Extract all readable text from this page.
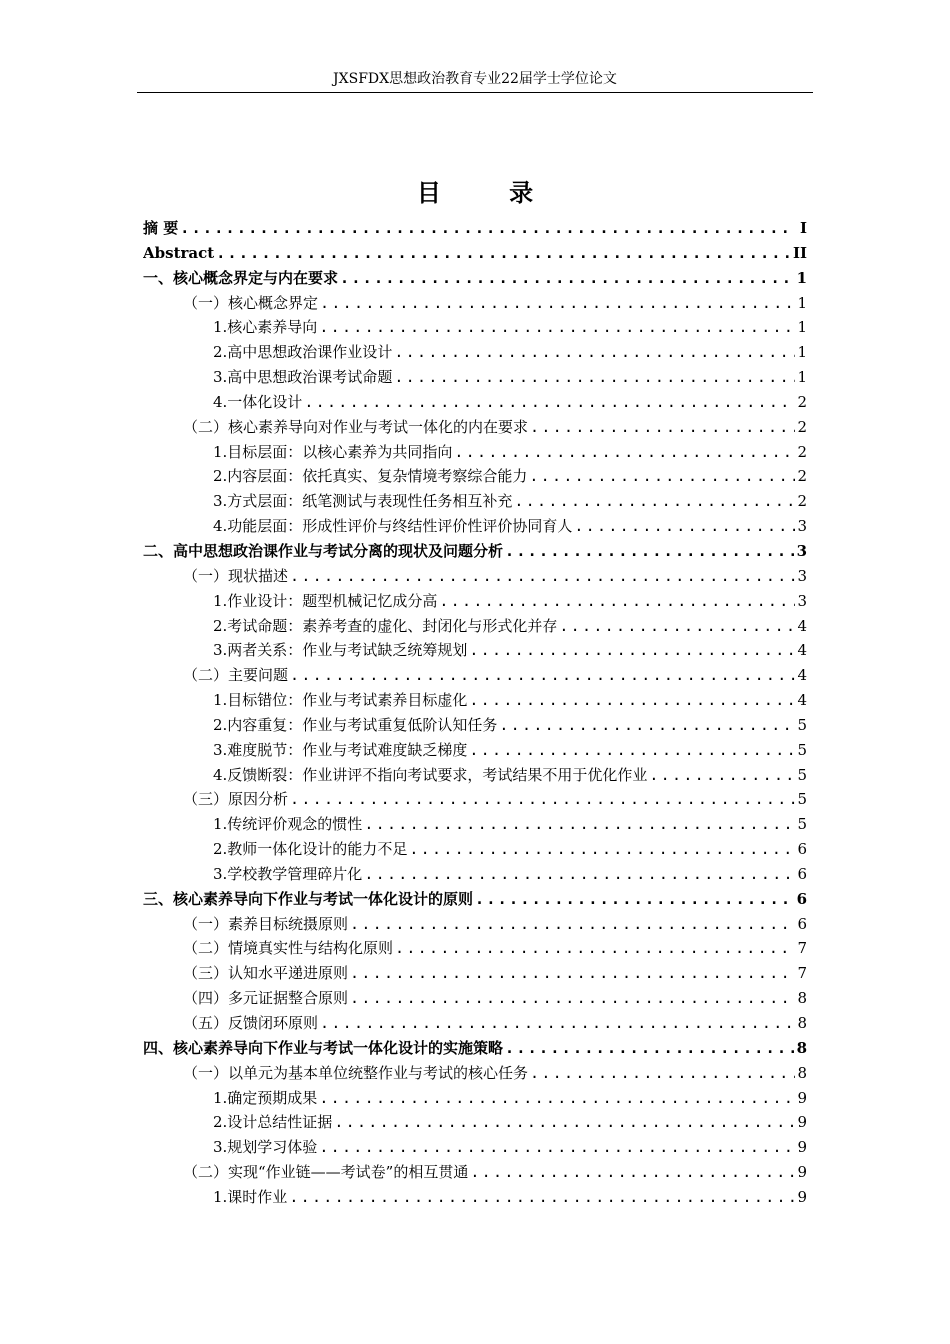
JXSFDX思想政治教育专业22届学士学位论文
目 录
摘 要 .....	I
Abstract .....	II
一、核心概念界定与内在要求 .....	1
（一）核心概念界定 .....	1
1.核心素养导向 .....	1
2.高中思想政治课作业设计 .....	1
3.高中思想政治课考试命题 .....	1
4.一体化设计 .....	2
（二）核心素养导向对作业与考试一体化的内在要求 .....	2
1.目标层面：以核心素养为共同指向 .....	2
2.内容层面：依托真实、复杂情境考察综合能力 .....	2
3.方式层面：纸笔测试与表现性任务相互补充 .....	2
4.功能层面：形成性评价与终结性评价性评价协同育人 .....	3
二、高中思想政治课作业与考试分离的现状及问题分析 .....	3
（一）现状描述 .....	3
1.作业设计：题型机械记忆成分高 .....	3
2.考试命题：素养考查的虚化、封闭化与形式化并存 .....	4
3.两者关系：作业与考试缺乏统筹规划 .....	4
（二）主要问题 .....	4
1.目标错位：作业与考试素养目标虚化 .....	4
2.内容重复：作业与考试重复低阶认知任务 .....	5
3.难度脱节：作业与考试难度缺乏梯度 .....	5
4.反馈断裂：作业讲评不指向考试要求，考试结果不用于优化作业 .....	5
（三）原因分析 .....	5
1.传统评价观念的惯性 .....	5
2.教师一体化设计的能力不足 .....	6
3.学校教学管理碎片化 .....	6
三、核心素养导向下作业与考试一体化设计的原则 .....	6
（一）素养目标统摄原则 .....	6
（二）情境真实性与结构化原则 .....	7
（三）认知水平递进原则 .....	7
（四）多元证据整合原则 .....	8
（五）反馈闭环原则 .....	8
四、核心素养导向下作业与考试一体化设计的实施策略 .....	8
（一）以单元为基本单位统整作业与考试的核心任务 .....	8
1.确定预期成果 .....	9
2.设计总结性证据 .....	9
3.规划学习体验 .....	9
（二）实现“作业链——考试卷”的相互贯通 .....	9
1.课时作业 .....	9
